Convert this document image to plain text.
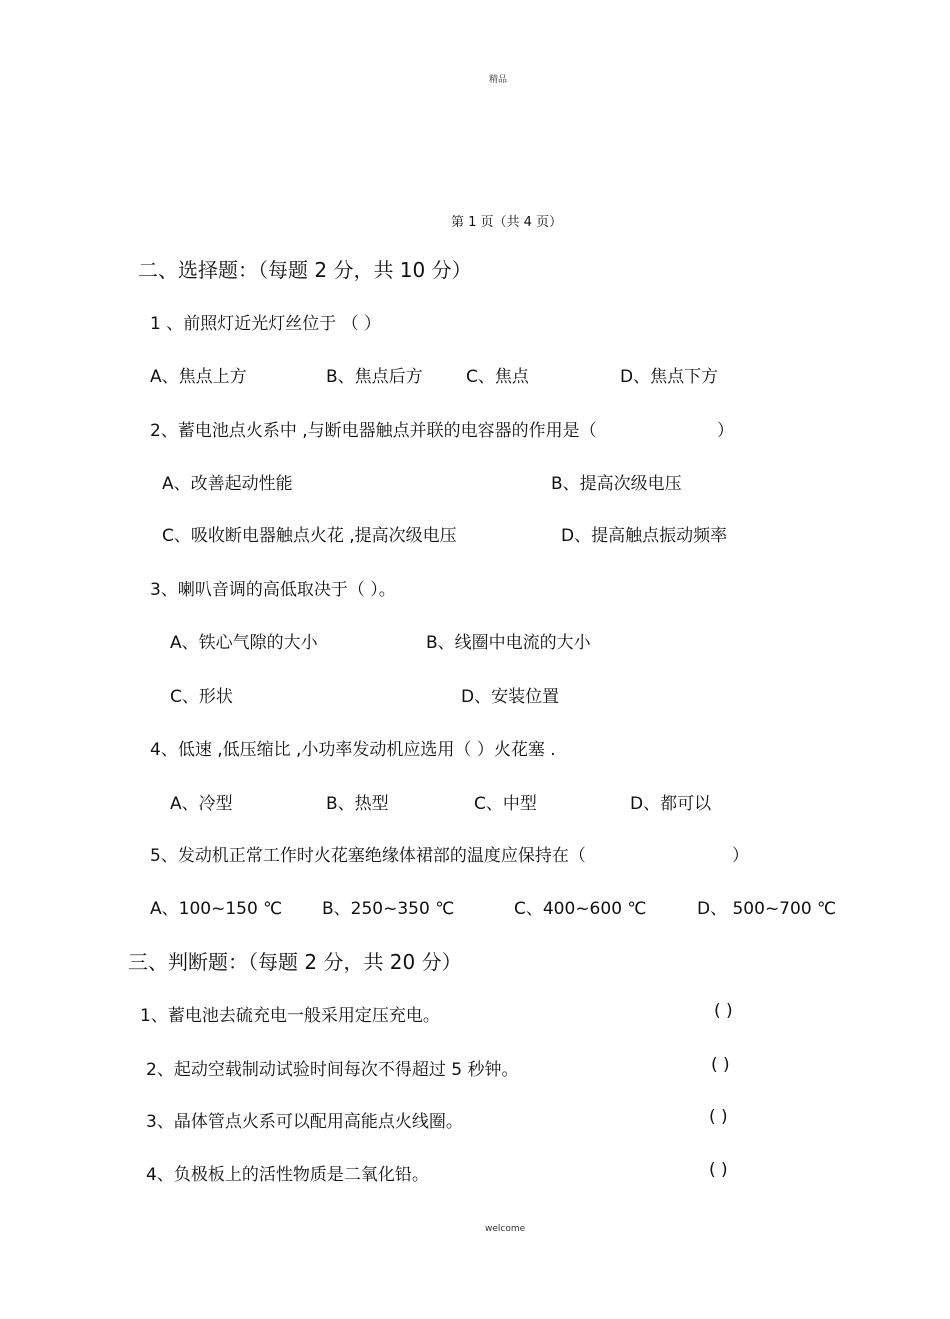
精品
第 1 页（共 4 页）
二、选择题：（每题 2 分，共 10 分）
1 、前照灯近光灯丝位于 （ ）
A、焦点上方	B、焦点后方	C、焦点	D、焦点下方
2、蓄电池点火系中 ,与断电器触点并联的电容器的作用是（	）
A、改善起动性能	B、提高次级电压
C、吸收断电器触点火花 ,提高次级电压	D、提高触点振动频率
3、喇叭音调的高低取决于（ ）。
A、铁心气隙的大小	B、线圈中电流的大小
C、形状	D、安装位置
4、低速 ,低压缩比 ,小功率发动机应选用（ ）火花塞 .
A、冷型	B、热型	C、中型	D、都可以
5、发动机正常工作时火花塞绝缘体裙部的温度应保持在（	）
A、100~150 ℃ B、250~350 ℃	C、400~600 ℃	D、 500~700 ℃
三、判断题：（每题 2 分，共 20 分）
1、蓄电池去硫充电一般采用定压充电。	( )
2、起动空载制动试验时间每次不得超过 5 秒钟。	( )
3、晶体管点火系可以配用高能点火线圈。	( )
4、负极板上的活性物质是二氧化铅。	( )
welcome
